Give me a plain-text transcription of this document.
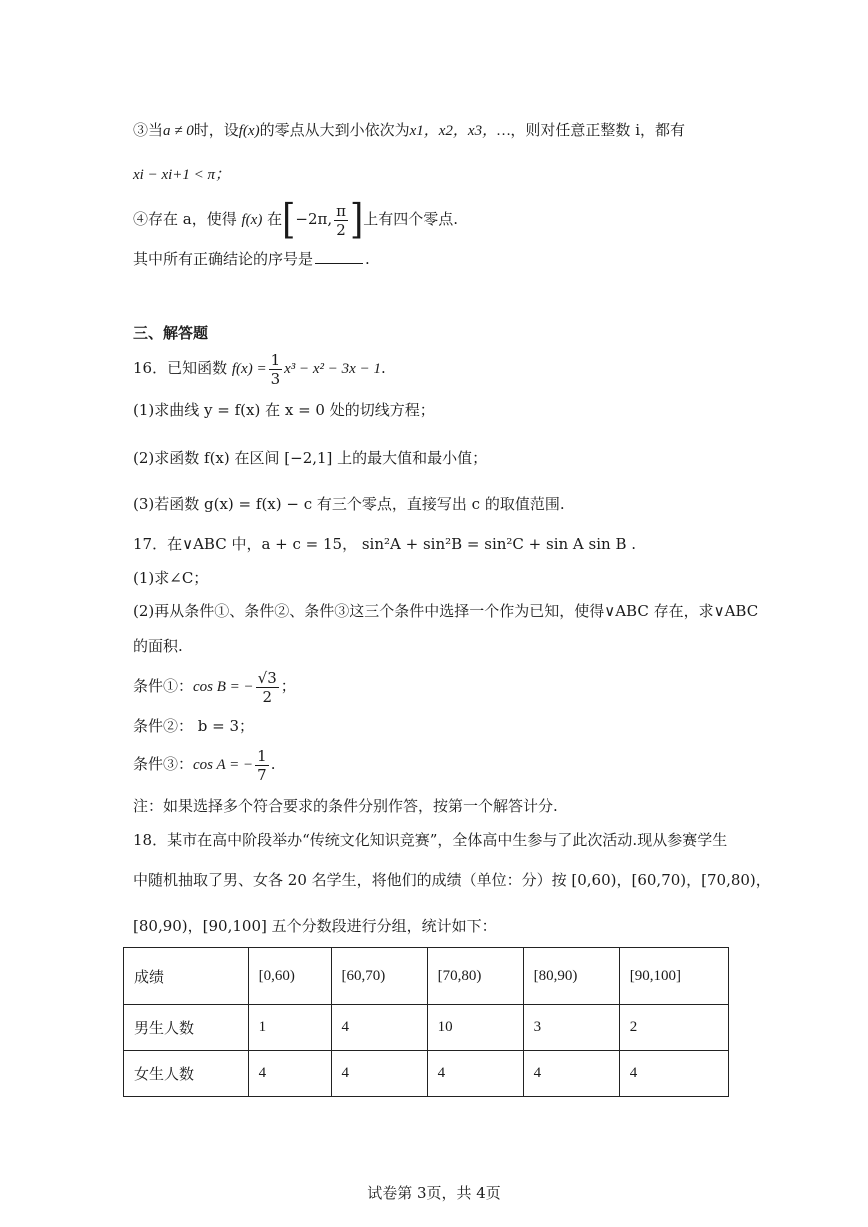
③当a ≠ 0时，设f(x)的零点从大到小依次为x1，x2，x3，…，则对任意正整数 i，都有
xi − xi+1 < π；
④存在 a，使得 f(x) 在[−2π, $\frac{\pi}{2}$ ]上有四个零点.
其中所有正确结论的序号是	.
三、解答题
16．已知函数 $f(x) = \frac{1}{3} x^3 - x^2 - 3x - 1$.
(1)求曲线 y = f(x) 在 x = 0 处的切线方程；
(2)求函数 f(x) 在区间 [−2,1] 上的最大值和最小值；
(3)若函数 g(x) = f(x) − c 有三个零点，直接写出 c 的取值范围.
17．在∨ABC 中，a + c = 15， sin²A + sin²B = sin²C + sin A sin B .
(1)求∠C；
(2)再从条件①、条件②、条件③这三个条件中选择一个作为已知，使得∨ABC 存在，求∨ABC
的面积.
条件①：cos B = − $\frac{√3}{2}$ ；
条件②： b = 3；
条件③：cos A = − $\frac{1}{7}$ .
注：如果选择多个符合要求的条件分别作答，按第一个解答计分.
18．某市在高中阶段举办“传统文化知识竞赛”，全体高中生参与了此次活动.现从参赛学生
中随机抽取了男、女各 20 名学生，将他们的成绩（单位：分）按 [0,60)，[60,70)，[70,80)，
[80,90)，[90,100] 五个分数段进行分组，统计如下：
成绩	[0,60)	[60,70)	[70,80)	[80,90)	[90,100]
男生人数	1	4	10	3	2
女生人数	4	4	4	4	4
试卷第 3页，共 4页
